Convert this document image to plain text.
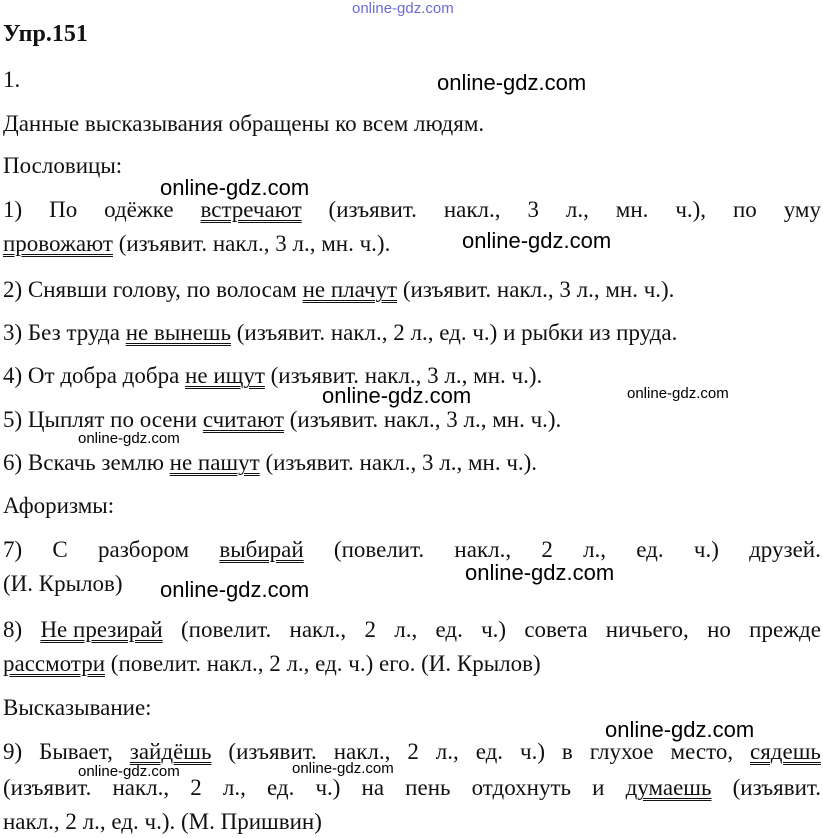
Упр.151
1.
Данные высказывания обращены ко всем людям.
Пословицы:
1) По одёжке встречают (изъявит. накл., 3 л., мн. ч.), по уму
провожают (изъявит. накл., 3 л., мн. ч.).
2) Снявши голову, по волосам не плачут (изъявит. накл., 3 л., мн. ч.).
3) Без труда не вынешь (изъявит. накл., 2 л., ед. ч.) и рыбки из пруда.
4) От добра добра не ищут (изъявит. накл., 3 л., мн. ч.).
5) Цыплят по осени считают (изъявит. накл., 3 л., мн. ч.).
6) Вскачь землю не пашут (изъявит. накл., 3 л., мн. ч.).
Афоризмы:
7) С разбором выбирай (повелит. накл., 2 л., ед. ч.) друзей.
(И. Крылов)
8) Не презирай (повелит. накл., 2 л., ед. ч.) совета ничьего, но прежде
рассмотри (повелит. накл., 2 л., ед. ч.) его. (И. Крылов)
Высказывание:
9) Бывает, зайдёшь (изъявит. накл., 2 л., ед. ч.) в глухое место, сядешь
(изъявит. накл., 2 л., ед. ч.) на пень отдохнуть и думаешь (изъявит.
накл., 2 л., ед. ч.). (М. Пришвин)
online-gdz.com
online-gdz.com
online-gdz.com
online-gdz.com
online-gdz.com
online-gdz.com
online-gdz.com
online-gdz.com
online-gdz.com
online-gdz.com
online-gdz.com	online-gdz.com
